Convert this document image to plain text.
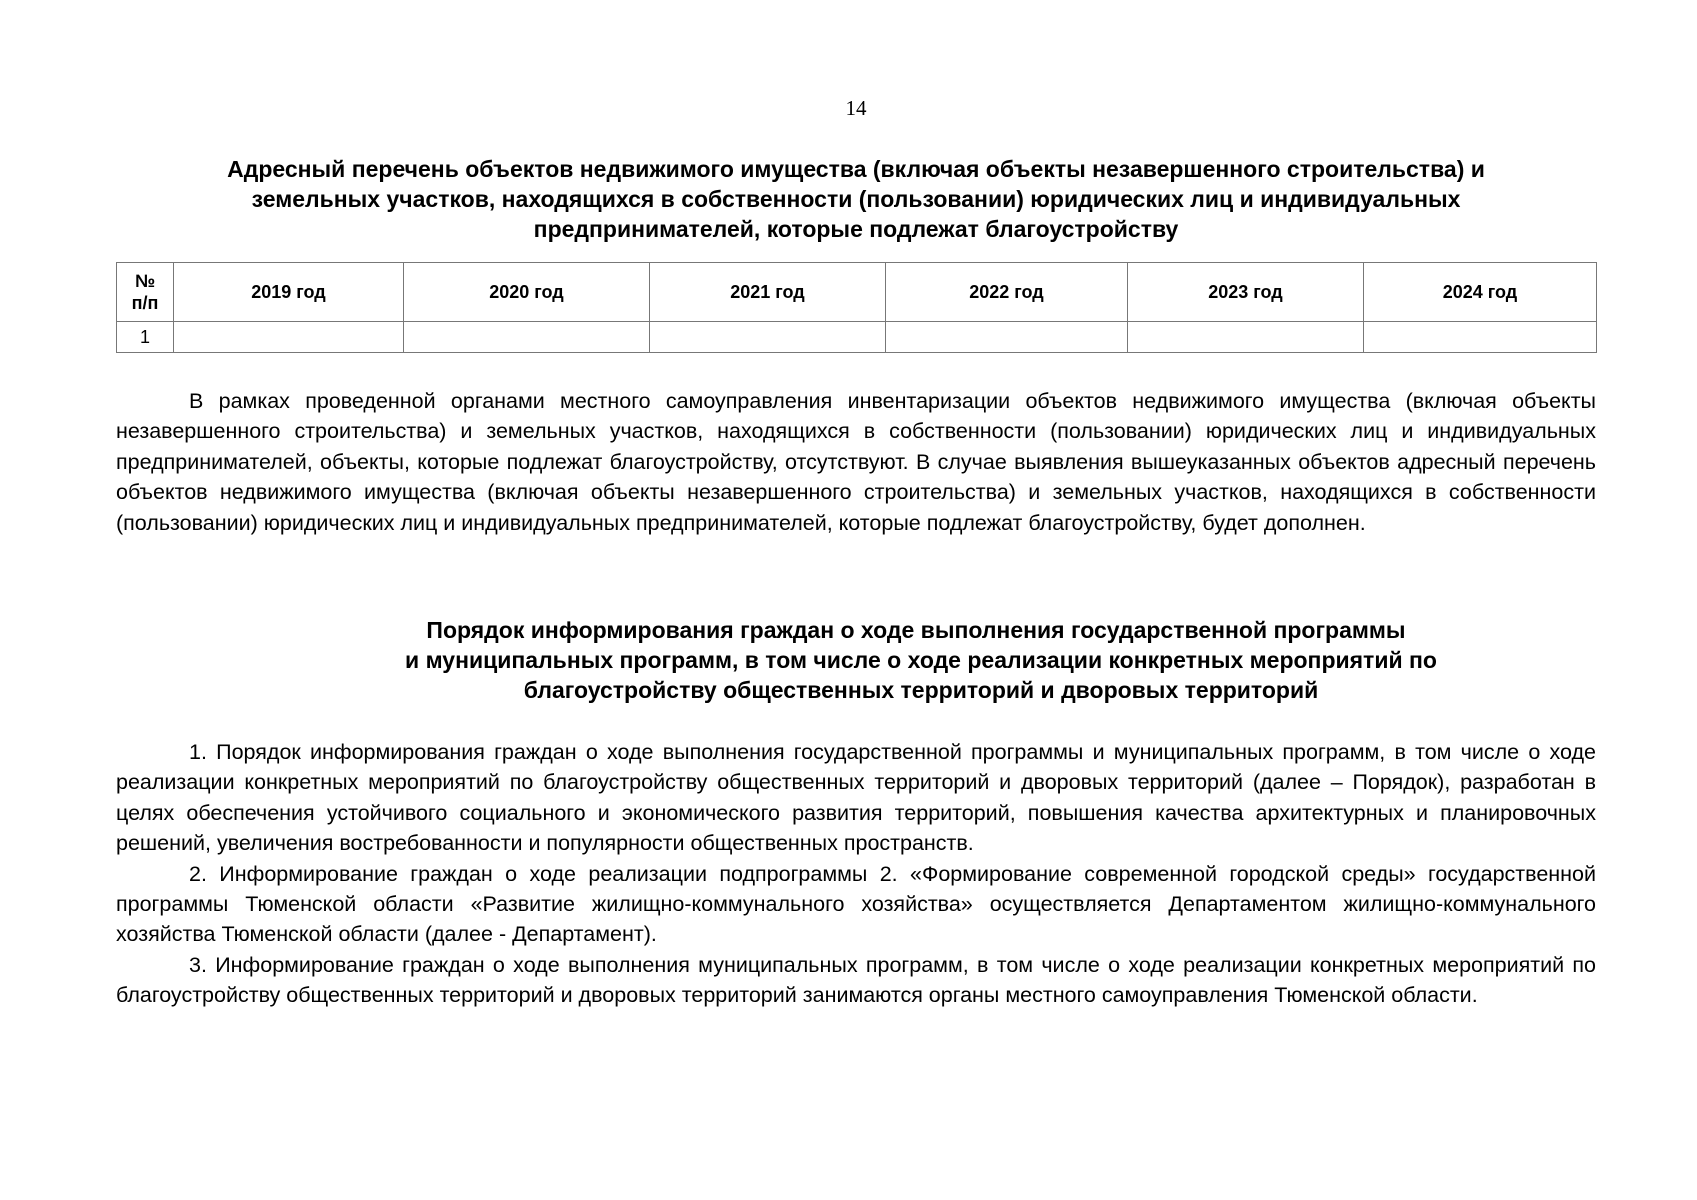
14
Адресный перечень объектов недвижимого имущества (включая объекты незавершенного строительства) и
земельных участков, находящихся в собственности (пользовании) юридических лиц и индивидуальных
предпринимателей, которые подлежат благоустройству
№
п/п	2019 год	2020 год	2021 год	2022 год	2023 год	2024 год
1						

В рамках проведенной органами местного самоуправления инвентаризации объектов недвижимого имущества (включая объекты незавершенного строительства) и земельных участков, находящихся в собственности (пользовании) юридических лиц и индивидуальных предпринимателей, объекты, которые подлежат благоустройству, отсутствуют. В случае выявления вышеуказанных объектов адресный перечень объектов недвижимого имущества (включая объекты незавершенного строительства) и земельных участков, находящихся в собственности (пользовании) юридических лиц и индивидуальных предпринимателей, которые подлежат благоустройству, будет дополнен.

Порядок информирования граждан о ходе выполнения государственной программы
и муниципальных программ, в том числе о ходе реализации конкретных мероприятий по
благоустройству общественных территорий и дворовых территорий

1. Порядок информирования граждан о ходе выполнения государственной программы и муниципальных программ, в том числе о ходе реализации конкретных мероприятий по благоустройству общественных территорий и дворовых территорий (далее – Порядок), разработан в целях обеспечения устойчивого социального и экономического развития территорий, повышения качества архитектурных и планировочных решений, увеличения востребованности и популярности общественных пространств.

2. Информирование граждан о ходе реализации подпрограммы 2. «Формирование современной городской среды» государственной программы Тюменской области «Развитие жилищно-коммунального хозяйства» осуществляется Департаментом жилищно-коммунального хозяйства Тюменской области (далее - Департамент).

3. Информирование граждан о ходе выполнения муниципальных программ, в том числе о ходе реализации конкретных мероприятий по благоустройству общественных территорий и дворовых территорий занимаются органы местного самоуправления Тюменской области.
